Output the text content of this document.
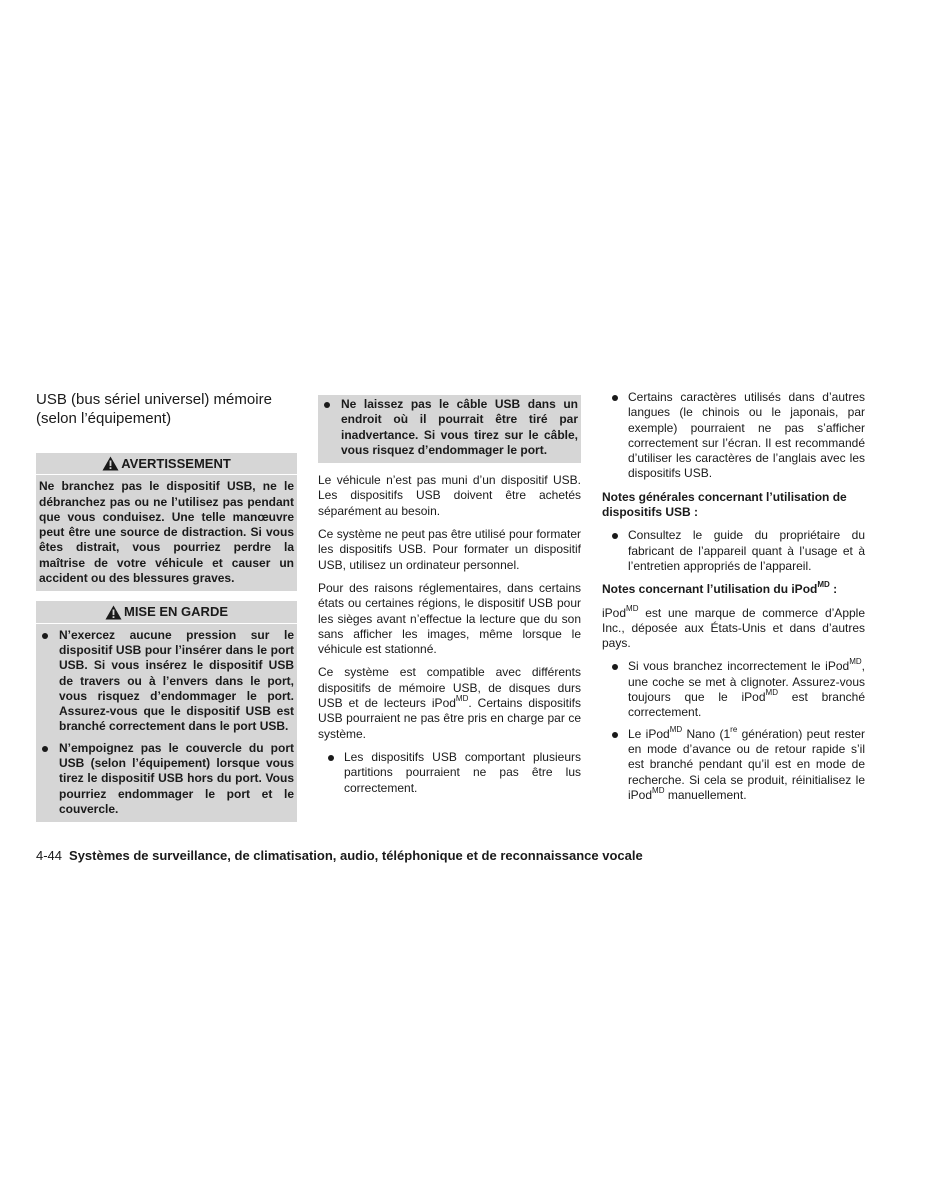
USB (bus sériel universel) mémoire
(selon l’équipement)
AVERTISSEMENT

Ne branchez pas le dispositif USB, ne le débranchez pas ou ne l’utilisez pas pendant que vous conduisez. Une telle manœuvre peut être une source de distraction. Si vous êtes distrait, vous pourriez perdre la maîtrise de votre véhicule et causer un accident ou des blessures graves.

MISE EN GARDE
N’exercez aucune pression sur le dispositif USB pour l’insérer dans le port USB. Si vous insérez le dispositif USB de travers ou à l’envers dans le port, vous risquez d’endommager le port. Assurez-vous que le dispositif USB est branché correctement dans le port USB.
N’empoignez pas le couvercle du port USB (selon l’équipement) lorsque vous tirez le dispositif USB hors du port. Vous pourriez endommager le port et le couvercle.
Ne laissez pas le câble USB dans un endroit où il pourrait être tiré par inadvertance. Si vous tirez sur le câble, vous risquez d’endommager le port.

Le véhicule n’est pas muni d’un dispositif USB. Les dispositifs USB doivent être achetés séparément au besoin.

Ce système ne peut pas être utilisé pour formater les dispositifs USB. Pour formater un dispositif USB, utilisez un ordinateur personnel.

Pour des raisons réglementaires, dans certains états ou certaines régions, le dispositif USB pour les sièges avant n’effectue la lecture que du son sans afficher les images, même lorsque le véhicule est stationné.

Ce système est compatible avec différents dispositifs de mémoire USB, de disques durs USB et de lecteurs iPod$^{MD}$. Certains dispositifs USB pourraient ne pas être pris en charge par ce système.

Les dispositifs USB comportant plusieurs partitions pourraient ne pas être lus correctement.
Certains caractères utilisés dans d’autres langues (le chinois ou le japonais, par exemple) pourraient ne pas s’afficher correctement sur l’écran. Il est recommandé d’utiliser les caractères de l’anglais avec les dispositifs USB.

Notes générales concernant l’utilisation de dispositifs USB :

Consultez le guide du propriétaire du fabricant de l’appareil quant à l’usage et à l’entretien appropriés de l’appareil.

Notes concernant l’utilisation du iPod$^{MD}$ :

iPod$^{MD}$ est une marque de commerce d’Apple Inc., déposée aux États-Unis et dans d’autres pays.

Si vous branchez incorrectement le iPod$^{MD}$, une coche se met à clignoter. Assurez-vous toujours que le iPod$^{MD}$ est branché correctement.
Le iPod$^{MD}$ Nano (1re génération) peut rester en mode d’avance ou de retour rapide s’il est branché pendant qu’il est en mode de recherche. Si cela se produit, réinitialisez le iPod$^{MD}$ manuellement.
4-44 Systèmes de surveillance, de climatisation, audio, téléphonique et de reconnaissance vocale
